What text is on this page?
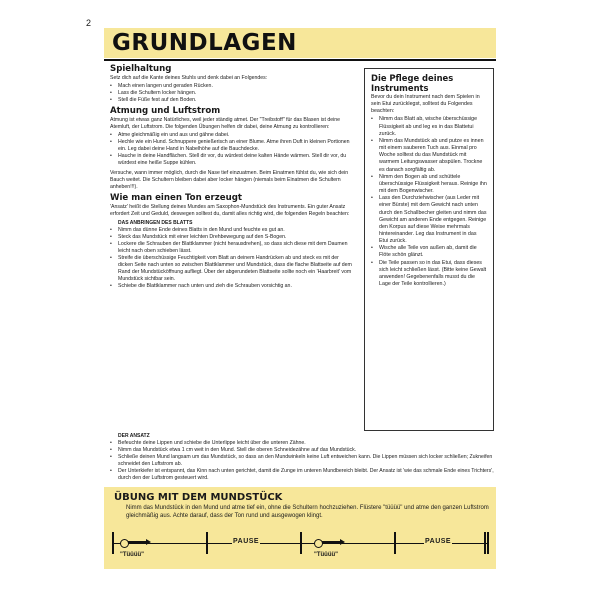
2
GRUNDLAGEN
Spielhaltung

Setz dich auf die Kante deines Stuhls und denk dabei an Folgendes:

• Mach einen langen und geraden Rücken.
• Lass die Schultern locker hängen.
• Stell die Füße fest auf den Boden.
Atmung und Luftstrom

Atmung ist etwas ganz Natürliches, weil jeder ständig atmet. Der "Treibstoff" für das Blasen ist deine Atemluft, der Luftstrom. Die folgenden Übungen helfen dir dabei, deine Atmung zu kontrollieren:

• Atme gleichmäßig ein und aus und gähne dabei.
• Hechle wie ein Hund. Schnuppere genießerisch an einer Blume. Atme ihren Duft in kleinen Portionen ein. Leg dabei deine Hand in Nabelhöhe auf die Bauchdecke.
• Hauche in deine Handflächen. Stell dir vor, du würdest deine kalten Hände wärmen. Stell dir vor, du würdest eine heiße Suppe kühlen.

Versuche, wann immer möglich, durch die Nase tief einzuatmen. Beim Einatmen fühlst du, wie sich dein Bauch weitet. Die Schultern bleiben dabei aber locker hängen (niemals beim Einatmen die Schultern anheben!!!).

Wie man einen Ton erzeugt

'Ansatz' heißt die Stellung deines Mundes am Saxophon-Mundstück des Instruments. Ein guter Ansatz erfordert Zeit und Geduld, deswegen solltest du, damit alles richtig wird, die folgenden Regeln beachten:

DAS ANBRINGEN DES BLATTS
• Nimm das dünne Ende deines Blatts in den Mund und feuchte es gut an.
• Steck das Mundstück mit einer leichten Drehbewegung auf den S-Bogen.
• Lockere die Schrauben der Blattklammer (nicht herausdrehen), so dass sich diese mit dem Daumen leicht nach oben schieben lässt.
• Streife die überschüssige Feuchtigkeit vom Blatt an deinem Handrücken ab und steck es mit der dicken Seite nach unten so zwischen Blattklammer und Mundstück, dass die flache Blattseite auf dem Rand der Mundstücköffnung aufliegt. Über der abgerundeten Blattseite sollte noch ein 'Haarbreit' vom Mundstück sichtbar sein.
• Schiebe die Blattklammer nach unten und zieh die Schrauben vorsichtig an.
DER ANSATZ
• Befeuchte deine Lippen und schiebe die Unterlippe leicht über die unteren Zähne.
• Nimm das Mundstück etwa 1 cm weit in den Mund. Stell die oberen Schneidezähne auf das Mundstück.
• Schließe deinen Mund langsam um das Mundstück, so dass an den Mundwinkeln keine Luft entweichen kann. Die Lippen müssen sich locker schließen; Zukneifen schneidet den Luftstrom ab.
• Der Unterkiefer ist entspannt, das Kinn nach unten gerichtet, damit die Zunge im unteren Mundbereich bleibt. Der Ansatz ist 'wie das schmale Ende eines Trichters', durch den der Luftstrom gesteuert wird.
Die Pflege deines Instruments

Bevor du dein Instrument nach dem Spielen in sein Etui zurücklegst, solltest du Folgendes beachten:

• Nimm das Blatt ab, wische überschüssige Flüssigkeit ab und leg es in das Blattetui zurück.
• Nimm das Mundstück ab und putze es innen mit einem sauberen Tuch aus. Einmal pro Woche solltest du das Mundstück mit warmem Leitungswasser abspülen. Trockne es danach sorgfältig ab.
• Nimm den Bogen ab und schüttele überschüssige Flüssigkeit heraus. Reinige ihn mit dem Bogenwischer.
• Lass den Durchziehwischer (aus Leder mit einer Bürste) mit dem Gewicht nach unten durch den Schallbecher gleiten und nimm das Gewicht am anderen Ende entgegen. Reinige den Korpus auf diese Weise mehrmals hintereinander. Leg das Instrument in das Etui zurück.
• Wische alle Teile von außen ab, damit die Flöte schön glänzt.
• Die Teile passen so in das Etui, dass dieses sich leicht schließen lässt. (Bitte keine Gewalt anwenden! Gegebenenfalls musst du die Lage der Teile kontrollieren.)
ÜBUNG MIT DEM MUNDSTÜCK
Nimm das Mundstück in den Mund und atme tief ein, ohne die Schultern hochzuziehen. Flüstere "tüüüü" und atme den ganzen Luftstrom gleichmäßig aus. Achte darauf, dass der Ton rund und ausgewogen klingt.
"Tüüüü"
PAUSE
"Tüüüü"
PAUSE
